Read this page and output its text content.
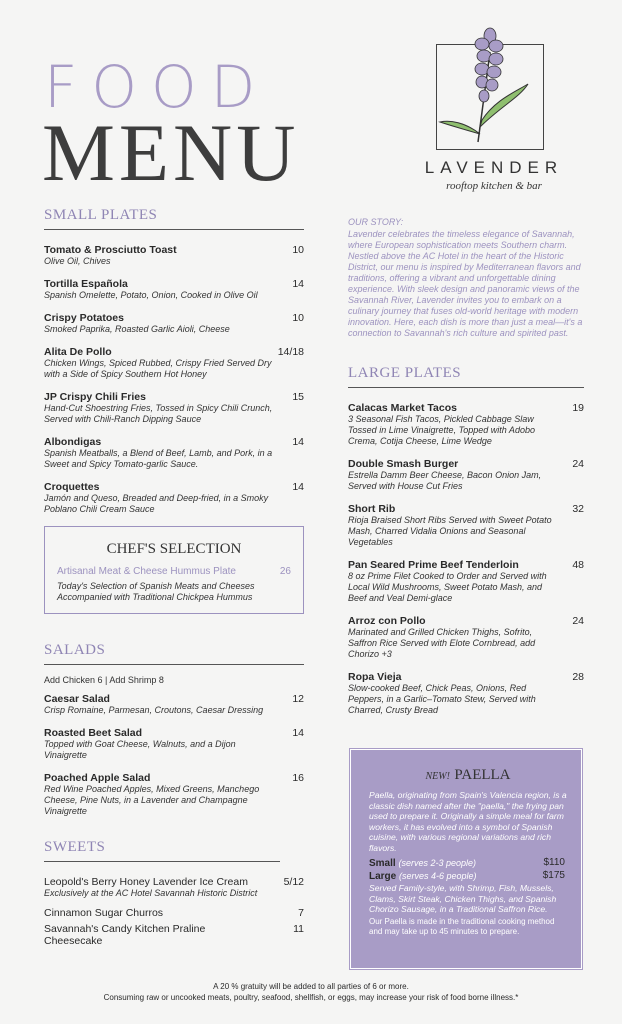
FOOD
MENU	LAVENDER
rooftop kitchen & bar
SMALL PLATES
Tomato & Prosciutto Toast
Olive Oil, Chives
10
Tortilla Española
Spanish Omelette, Potato, Onion, Cooked in Olive Oil
14
Crispy Potatoes
Smoked Paprika, Roasted Garlic Aioli, Cheese
10
Alita De Pollo
Chicken Wings, Spiced Rubbed, Crispy Fried Served Dry with a Side of Spicy Southern Hot Honey
14/18
JP Crispy Chili Fries
Hand-Cut Shoestring Fries, Tossed in Spicy Chili Crunch, Served with Chili-Ranch Dipping Sauce
15
Albondigas
Spanish Meatballs, a Blend of Beef, Lamb, and Pork, in a Sweet and Spicy Tomato-garlic Sauce.
14
Croquettes
Jamón and Queso, Breaded and Deep-fried, in a Smoky Poblano Chili Cream Sauce
14
CHEF'S SELECTION
Artisanal Meat & Cheese Hummus Plate	26
Today's Selection of Spanish Meats and Cheeses Accompanied with Traditional Chickpea Hummus
SALADS
Add Chicken 6 | Add Shrimp 8
Caesar Salad
Crisp Romaine, Parmesan, Croutons, Caesar Dressing
12
Roasted Beet Salad
Topped with Goat Cheese, Walnuts, and a Dijon Vinaigrette
14
Poached Apple Salad
Red Wine Poached Apples, Mixed Greens, Manchego Cheese, Pine Nuts, in a Lavender and Champagne Vinaigrette
16
SWEETS
Leopold's Berry Honey Lavender Ice Cream
Exclusively at the AC Hotel Savannah Historic District
5/12
Cinnamon Sugar Churros	7
Savannah's Candy Kitchen Praline Cheesecake
11
OUR STORY:
Lavender celebrates the timeless elegance of Savannah, where European sophistication meets Southern charm. Nestled above the AC Hotel in the heart of the Historic District, our menu is inspired by Mediterranean flavors and traditions, offering a vibrant and unforgettable dining experience. With sleek design and panoramic views of the Savannah River, Lavender invites you to embark on a culinary journey that fuses old-world heritage with modern innovation. Here, each dish is more than just a meal—it's a connection to Savannah's rich culture and spirited past.
LARGE PLATES
Calacas Market Tacos
3 Seasonal Fish Tacos, Pickled Cabbage Slaw Tossed in Lime Vinaigrette, Topped with Adobo Crema, Cotija Cheese, Lime Wedge
19
Double Smash Burger
Estrella Damm Beer Cheese, Bacon Onion Jam, Served with House Cut Fries
24
Short Rib
Rioja Braised Short Ribs Served with Sweet Potato Mash, Charred Vidalia Onions and Seasonal Vegetables
32
Pan Seared Prime Beef Tenderloin
8 oz Prime Filet Cooked to Order and Served with Local Wild Mushrooms, Sweet Potato Mash, and Beef and Veal Demi-glace
48
Arroz con Pollo
Marinated and Grilled Chicken Thighs, Sofrito, Saffron Rice Served with Elote Cornbread, add Chorizo +3
24
Ropa Vieja
Slow-cooked Beef, Chick Peas, Onions, Red Peppers, in a Garlic–Tomato Stew, Served with Charred, Crusty Bread
28
NEW! PAELLA
Paella, originating from Spain's Valencia region, is a classic dish named after the "paella," the frying pan used to prepare it. Originally a simple meal for farm workers, it has evolved into a symbol of Spanish cuisine, with various regional variations and rich flavors.
Small (serves 2-3 people)	$110
Large (serves 4-6 people)	$175
Served Family-style, with Shrimp, Fish, Mussels, Clams, Skirt Steak, Chicken Thighs, and Spanish Chorizo Sausage, in a Traditional Saffron Rice.
Our Paella is made in the traditional cooking method and may take up to 45 minutes to prepare.
A 20 % gratuity will be added to all parties of 6 or more.
Consuming raw or uncooked meats, poultry, seafood, shellfish, or eggs, may increase your risk of food borne illness.*
